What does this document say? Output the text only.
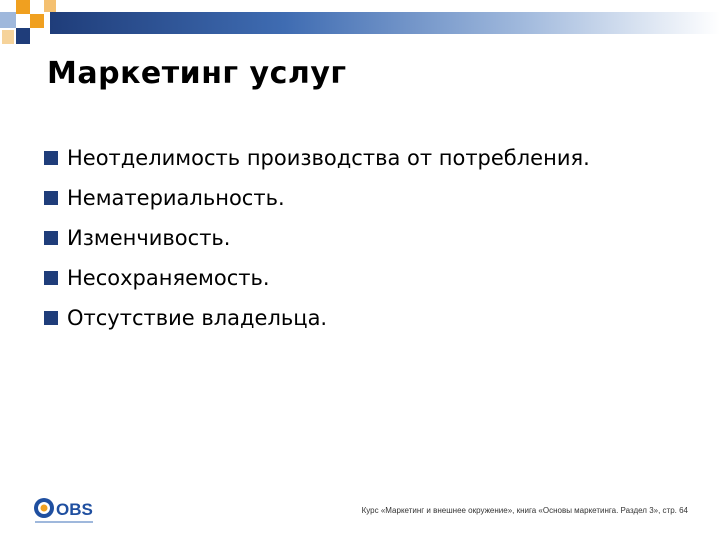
Маркетинг услуг
Неотделимость производства от потребления.
Нематериальность.
Изменчивость.
Несохраняемость.
Отсутствие владельца.
OBS	Курс «Маркетинг и внешнее окружение», книга «Основы маркетинга. Раздел 3», стр. 64
